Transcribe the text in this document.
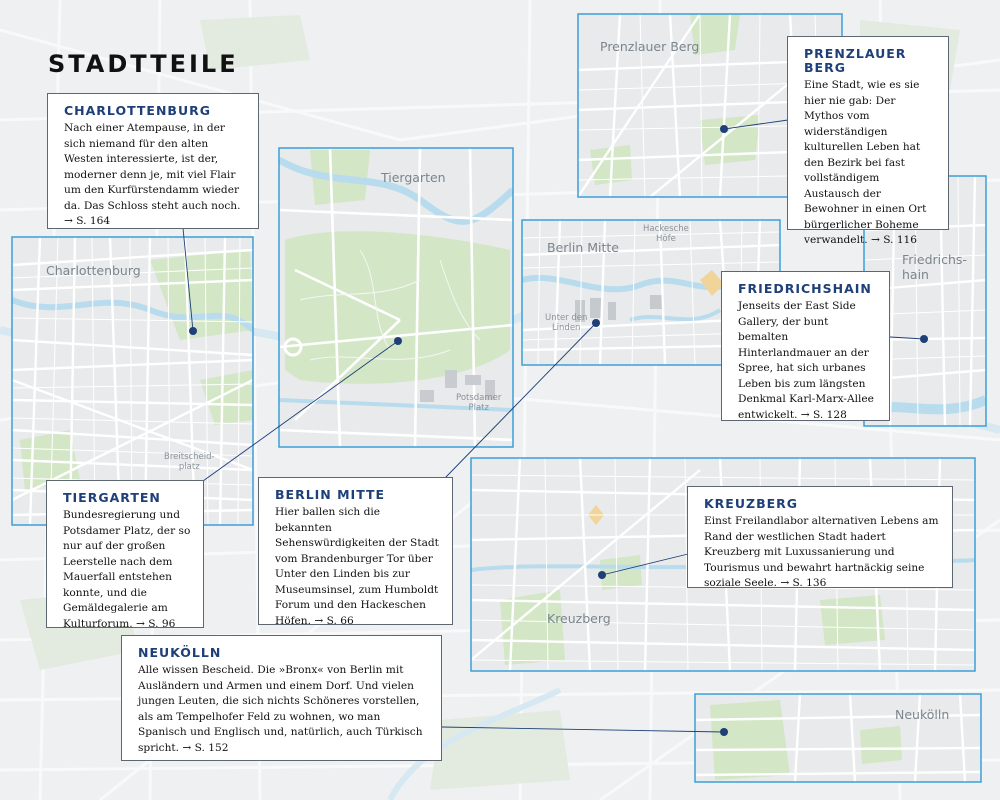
Prenzlauer Berg
Tiergarten
Charlottenburg
Berlin Mitte
Friedrichs-
hain
Kreuzberg
Neukölln
Hackesche
Höfe
Unter den
Linden
Potsdamer
Platz
Breitscheid-
platz
STADTTEILE
CHARLOTTENBURG

Nach einer Atempause, in der sich niemand für den alten Westen interessierte, ist der, moderner denn je, mit viel Flair um den Kurfürstendamm wieder da. Das Schloss steht auch noch. → S. 164

PRENZLAUER BERG

Eine Stadt, wie es sie hier nie gab: Der Mythos vom widerständigen kulturellen Leben hat den Bezirk bei fast vollständigem Austausch der Bewohner in einen Ort bürgerlicher Boheme verwandelt. → S. 116

FRIEDRICHSHAIN

Jenseits der East Side Gallery, der bunt bemalten Hinterlandmauer an der Spree, hat sich urbanes Leben bis zum längsten Denkmal Karl-Marx-Allee entwickelt. → S. 128

TIERGARTEN

Bundesregierung und Potsdamer Platz, der so nur auf der großen Leerstelle nach dem Mauerfall entstehen konnte, und die Gemäldegalerie am Kulturforum. → S. 96

BERLIN MITTE

Hier ballen sich die bekannten Sehenswürdigkeiten der Stadt vom Brandenburger Tor über Unter den Linden bis zur Museumsinsel, zum Humboldt Forum und den Hackeschen Höfen. → S. 66

KREUZBERG

Einst Freilandlabor alternativen Lebens am Rand der westlichen Stadt hadert Kreuzberg mit Luxussanierung und Tourismus und bewahrt hartnäckig seine soziale Seele. → S. 136

NEUKÖLLN

Alle wissen Bescheid. Die »Bronx« von Berlin mit Ausländern und Armen und einem Dorf. Und vielen jungen Leuten, die sich nichts Schöneres vorstellen, als am Tempelhofer Feld zu wohnen, wo man Spanisch und Englisch und, natürlich, auch Türkisch spricht. → S. 152
